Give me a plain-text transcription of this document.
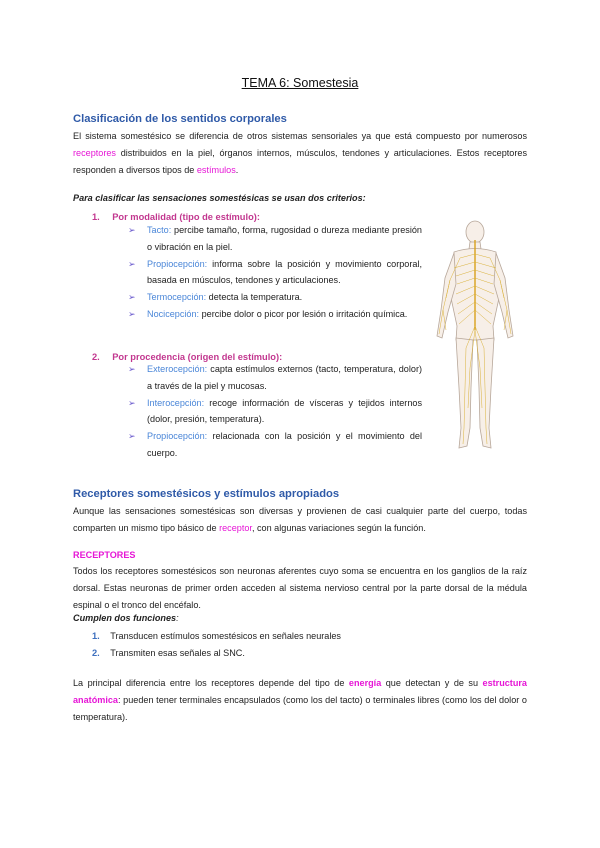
TEMA 6: Somestesia
Clasificación de los sentidos corporales
El sistema somestésico se diferencia de otros sistemas sensoriales ya que está compuesto por numerosos receptores distribuidos en la piel, órganos internos, músculos, tendones y articulaciones. Estos receptores responden a diversos tipos de estímulos.
Para clasificar las sensaciones somestésicas se usan dos criterios:
1. Por modalidad (tipo de estímulo):
➢	Tacto: percibe tamaño, forma, rugosidad o dureza mediante presión o vibración en la piel.
➢	Propiocepción: informa sobre la posición y movimiento corporal, basada en músculos, tendones y articulaciones.
➢	Termocepción: detecta la temperatura.
➢	Nocicepción: percibe dolor o picor por lesión o irritación química.
2. Por procedencia (origen del estímulo):
➢	Exterocepción: capta estímulos externos (tacto, temperatura, dolor) a través de la piel y mucosas.
➢	Interocepción: recoge información de vísceras y tejidos internos (dolor, presión, temperatura).
➢	Propiocepción: relacionada con la posición y el movimiento del cuerpo.
Receptores somestésicos y estímulos apropiados
Aunque las sensaciones somestésicas son diversas y provienen de casi cualquier parte del cuerpo, todas comparten un mismo tipo básico de receptor, con algunas variaciones según la función.
RECEPTORES
Todos los receptores somestésicos son neuronas aferentes cuyo soma se encuentra en los ganglios de la raíz dorsal. Estas neuronas de primer orden acceden al sistema nervioso central por la parte dorsal de la médula espinal o el tronco del encéfalo.
Cumplen dos funciones:
1. Transducen estímulos somestésicos en señales neurales
2. Transmiten esas señales al SNC.
La principal diferencia entre los receptores depende del tipo de energía que detectan y de su estructura anatómica: pueden tener terminales encapsulados (como los del tacto) o terminales libres (como los del dolor o temperatura).
